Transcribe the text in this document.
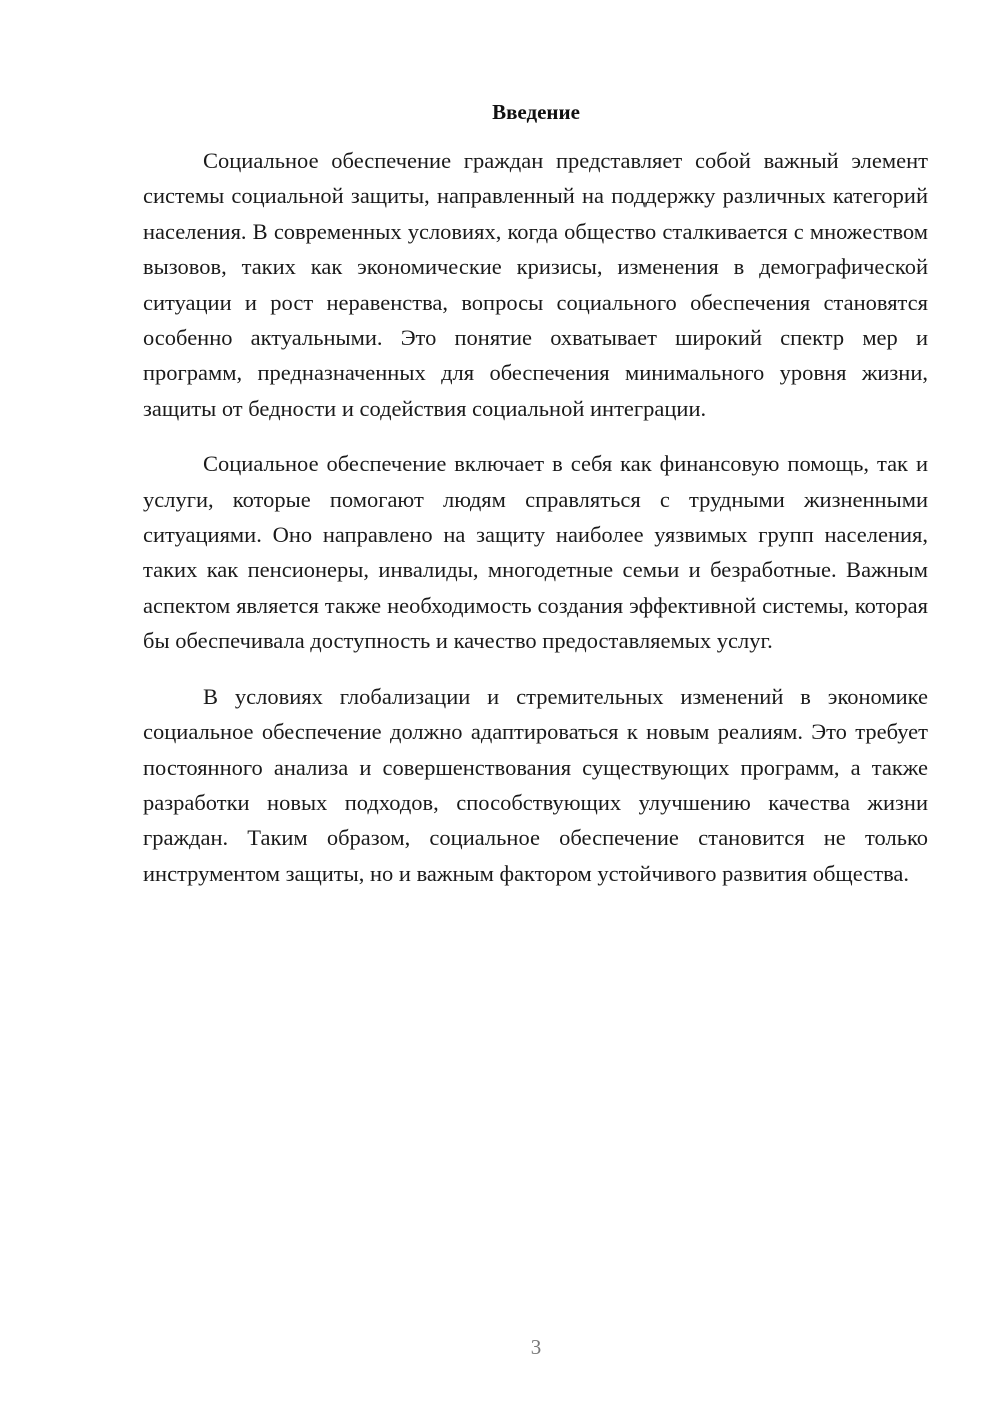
Введение

Социальное обеспечение граждан представляет собой важный элемент системы социальной защиты, направленный на поддержку различных категорий населения. В современных условиях, когда общество сталкивается с множеством вызовов, таких как экономические кризисы, изменения в демографической ситуации и рост неравенства, вопросы социального обеспечения становятся особенно актуальными. Это понятие охватывает широкий спектр мер и программ, предназначенных для обеспечения минимального уровня жизни, защиты от бедности и содействия социальной интеграции.

Социальное обеспечение включает в себя как финансовую помощь, так и услуги, которые помогают людям справляться с трудными жизненными ситуациями. Оно направлено на защиту наиболее уязвимых групп населения, таких как пенсионеры, инвалиды, многодетные семьи и безработные. Важным аспектом является также необходимость создания эффективной системы, которая бы обеспечивала доступность и качество предоставляемых услуг.

В условиях глобализации и стремительных изменений в экономике социальное обеспечение должно адаптироваться к новым реалиям. Это требует постоянного анализа и совершенствования существующих программ, а также разработки новых подходов, способствующих улучшению качества жизни граждан. Таким образом, социальное обеспечение становится не только инструментом защиты, но и важным фактором устойчивого развития общества.

3
